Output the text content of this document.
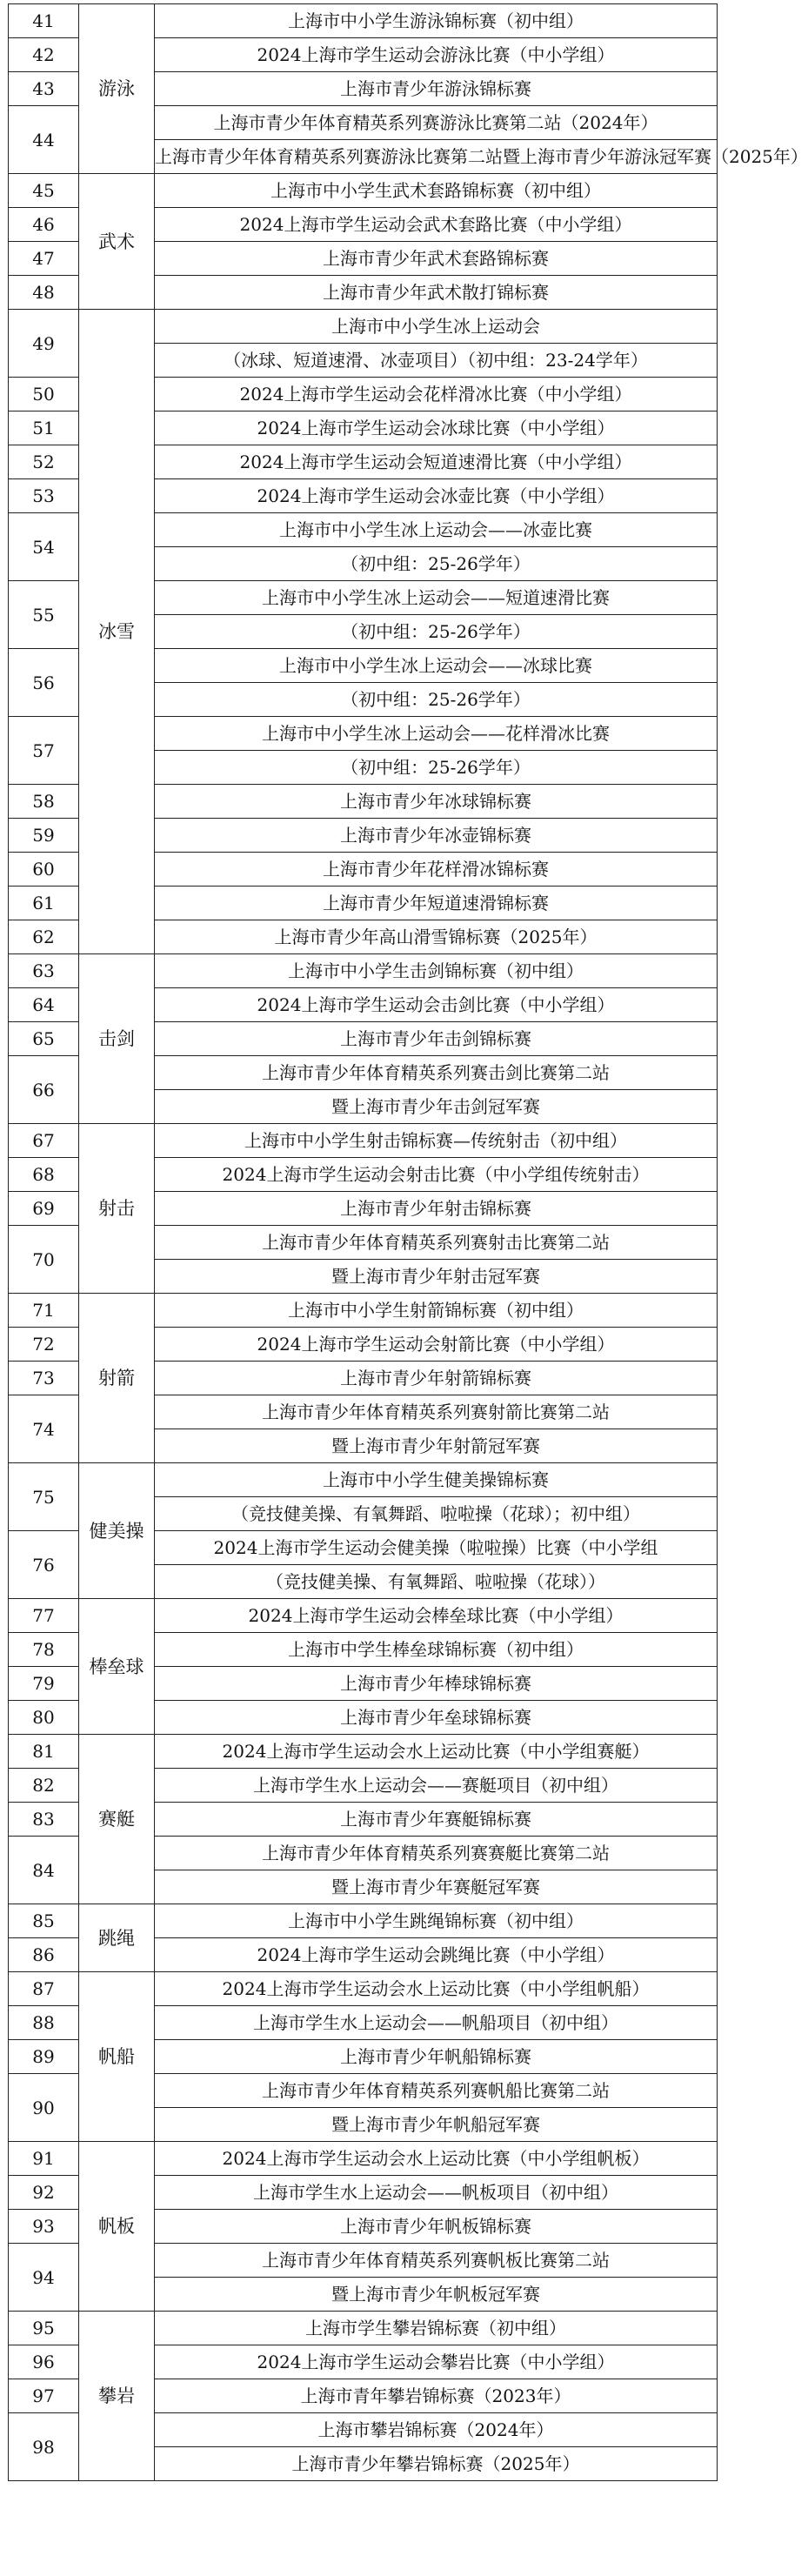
41	游泳	上海市中小学生游泳锦标赛（初中组）
42		2024上海市学生运动会游泳比赛（中小学组）
43		上海市青少年游泳锦标赛
44		上海市青少年体育精英系列赛游泳比赛第二站（2024年）
		上海市青少年体育精英系列赛游泳比赛第二站暨上海市青少年游泳冠军赛（2025年）
45	武术	上海市中小学生武术套路锦标赛（初中组）
46		2024上海市学生运动会武术套路比赛（中小学组）
47		上海市青少年武术套路锦标赛
48		上海市青少年武术散打锦标赛
49	冰雪	上海市中小学生冰上运动会
		（冰球、短道速滑、冰壶项目）（初中组：23-24学年）
50		2024上海市学生运动会花样滑冰比赛（中小学组）
51		2024上海市学生运动会冰球比赛（中小学组）
52		2024上海市学生运动会短道速滑比赛（中小学组）
53		2024上海市学生运动会冰壶比赛（中小学组）
54		上海市中小学生冰上运动会——冰壶比赛
		（初中组：25-26学年）
55		上海市中小学生冰上运动会——短道速滑比赛
		（初中组：25-26学年）
56		上海市中小学生冰上运动会——冰球比赛
		（初中组：25-26学年）
57		上海市中小学生冰上运动会——花样滑冰比赛
		（初中组：25-26学年）
58		上海市青少年冰球锦标赛
59		上海市青少年冰壶锦标赛
60		上海市青少年花样滑冰锦标赛
61		上海市青少年短道速滑锦标赛
62		上海市青少年高山滑雪锦标赛（2025年）
63	击剑	上海市中小学生击剑锦标赛（初中组）
64		2024上海市学生运动会击剑比赛（中小学组）
65		上海市青少年击剑锦标赛
66		上海市青少年体育精英系列赛击剑比赛第二站
		暨上海市青少年击剑冠军赛
67	射击	上海市中小学生射击锦标赛—传统射击（初中组）
68		2024上海市学生运动会射击比赛（中小学组传统射击）
69		上海市青少年射击锦标赛
70		上海市青少年体育精英系列赛射击比赛第二站
		暨上海市青少年射击冠军赛
71	射箭	上海市中小学生射箭锦标赛（初中组）
72		2024上海市学生运动会射箭比赛（中小学组）
73		上海市青少年射箭锦标赛
74		上海市青少年体育精英系列赛射箭比赛第二站
		暨上海市青少年射箭冠军赛
75	健美操	上海市中小学生健美操锦标赛
		（竞技健美操、有氧舞蹈、啦啦操（花球）；初中组）
76		2024上海市学生运动会健美操（啦啦操）比赛（中小学组
		（竞技健美操、有氧舞蹈、啦啦操（花球））
77	棒垒球	2024上海市学生运动会棒垒球比赛（中小学组）
78		上海市中学生棒垒球锦标赛（初中组）
79		上海市青少年棒球锦标赛
80		上海市青少年垒球锦标赛
81	赛艇	2024上海市学生运动会水上运动比赛（中小学组赛艇）
82		上海市学生水上运动会——赛艇项目（初中组）
83		上海市青少年赛艇锦标赛
84		上海市青少年体育精英系列赛赛艇比赛第二站
		暨上海市青少年赛艇冠军赛
85	跳绳	上海市中小学生跳绳锦标赛（初中组）
86		2024上海市学生运动会跳绳比赛（中小学组）
87	帆船	2024上海市学生运动会水上运动比赛（中小学组帆船）
88		上海市学生水上运动会——帆船项目（初中组）
89		上海市青少年帆船锦标赛
90		上海市青少年体育精英系列赛帆船比赛第二站
		暨上海市青少年帆船冠军赛
91	帆板	2024上海市学生运动会水上运动比赛（中小学组帆板）
92		上海市学生水上运动会——帆板项目（初中组）
93		上海市青少年帆板锦标赛
94		上海市青少年体育精英系列赛帆板比赛第二站
		暨上海市青少年帆板冠军赛
95	攀岩	上海市学生攀岩锦标赛（初中组）
96		2024上海市学生运动会攀岩比赛（中小学组）
97		上海市青年攀岩锦标赛（2023年）
98		上海市攀岩锦标赛（2024年）
		上海市青少年攀岩锦标赛（2025年）
